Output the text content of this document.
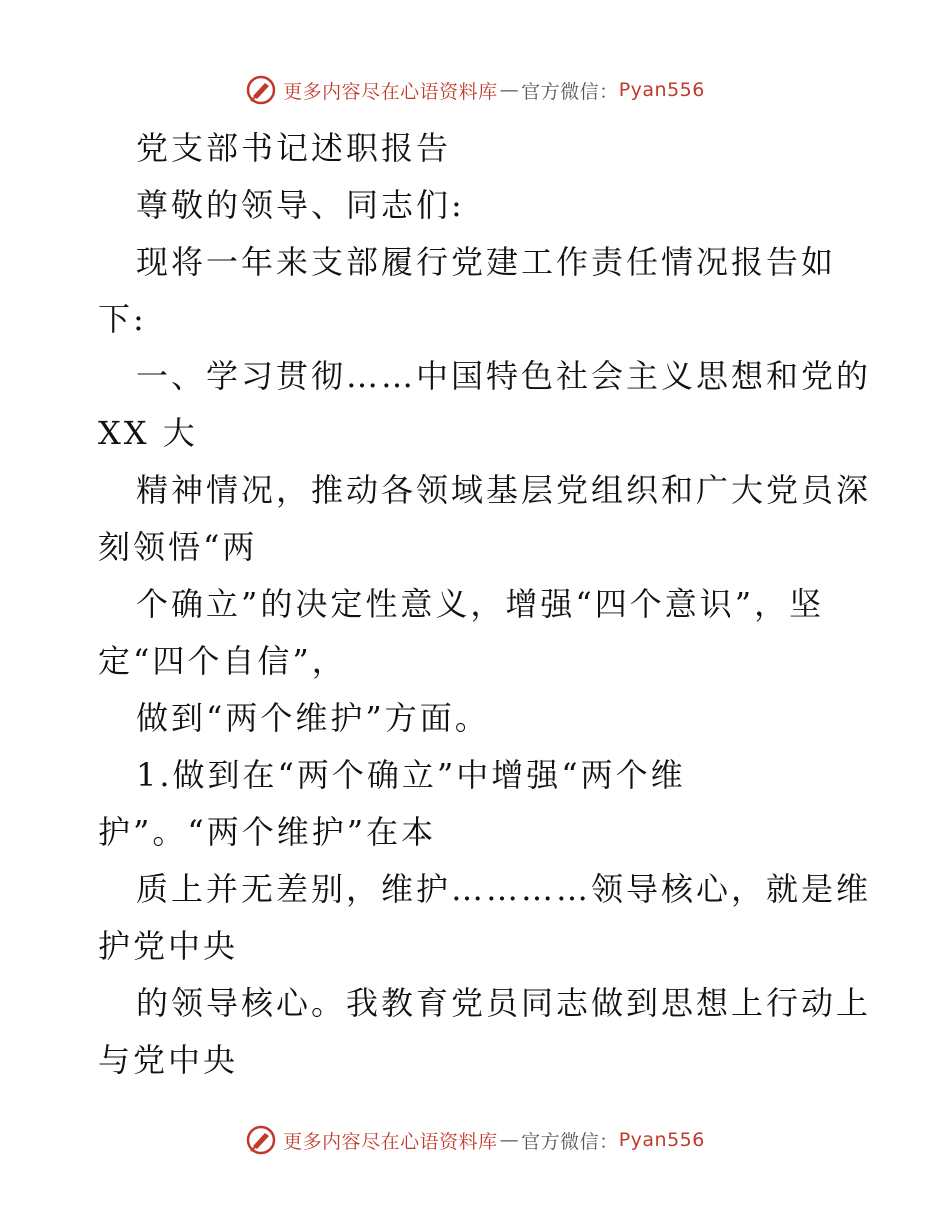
更多内容尽在心语资料库 — 官方微信： Pyan556
党支部书记述职报告
尊敬的领导、同志们:
现将一年来支部履行党建工作责任情况报告如
下:
一、学习贯彻……中国特色社会主义思想和党的
XX 大
精神情况，推动各领域基层党组织和广大党员深
刻领悟“两
个确立”的决定性意义，增强“四个意识”，坚
定“四个自信”，
做到“两个维护”方面。
1.做到在“两个确立”中增强“两个维
护”。“两个维护”在本
质上并无差别，维护…………领导核心，就是维
护党中央
的领导核心。我教育党员同志做到思想上行动上
与党中央
更多内容尽在心语资料库 — 官方微信： Pyan556
